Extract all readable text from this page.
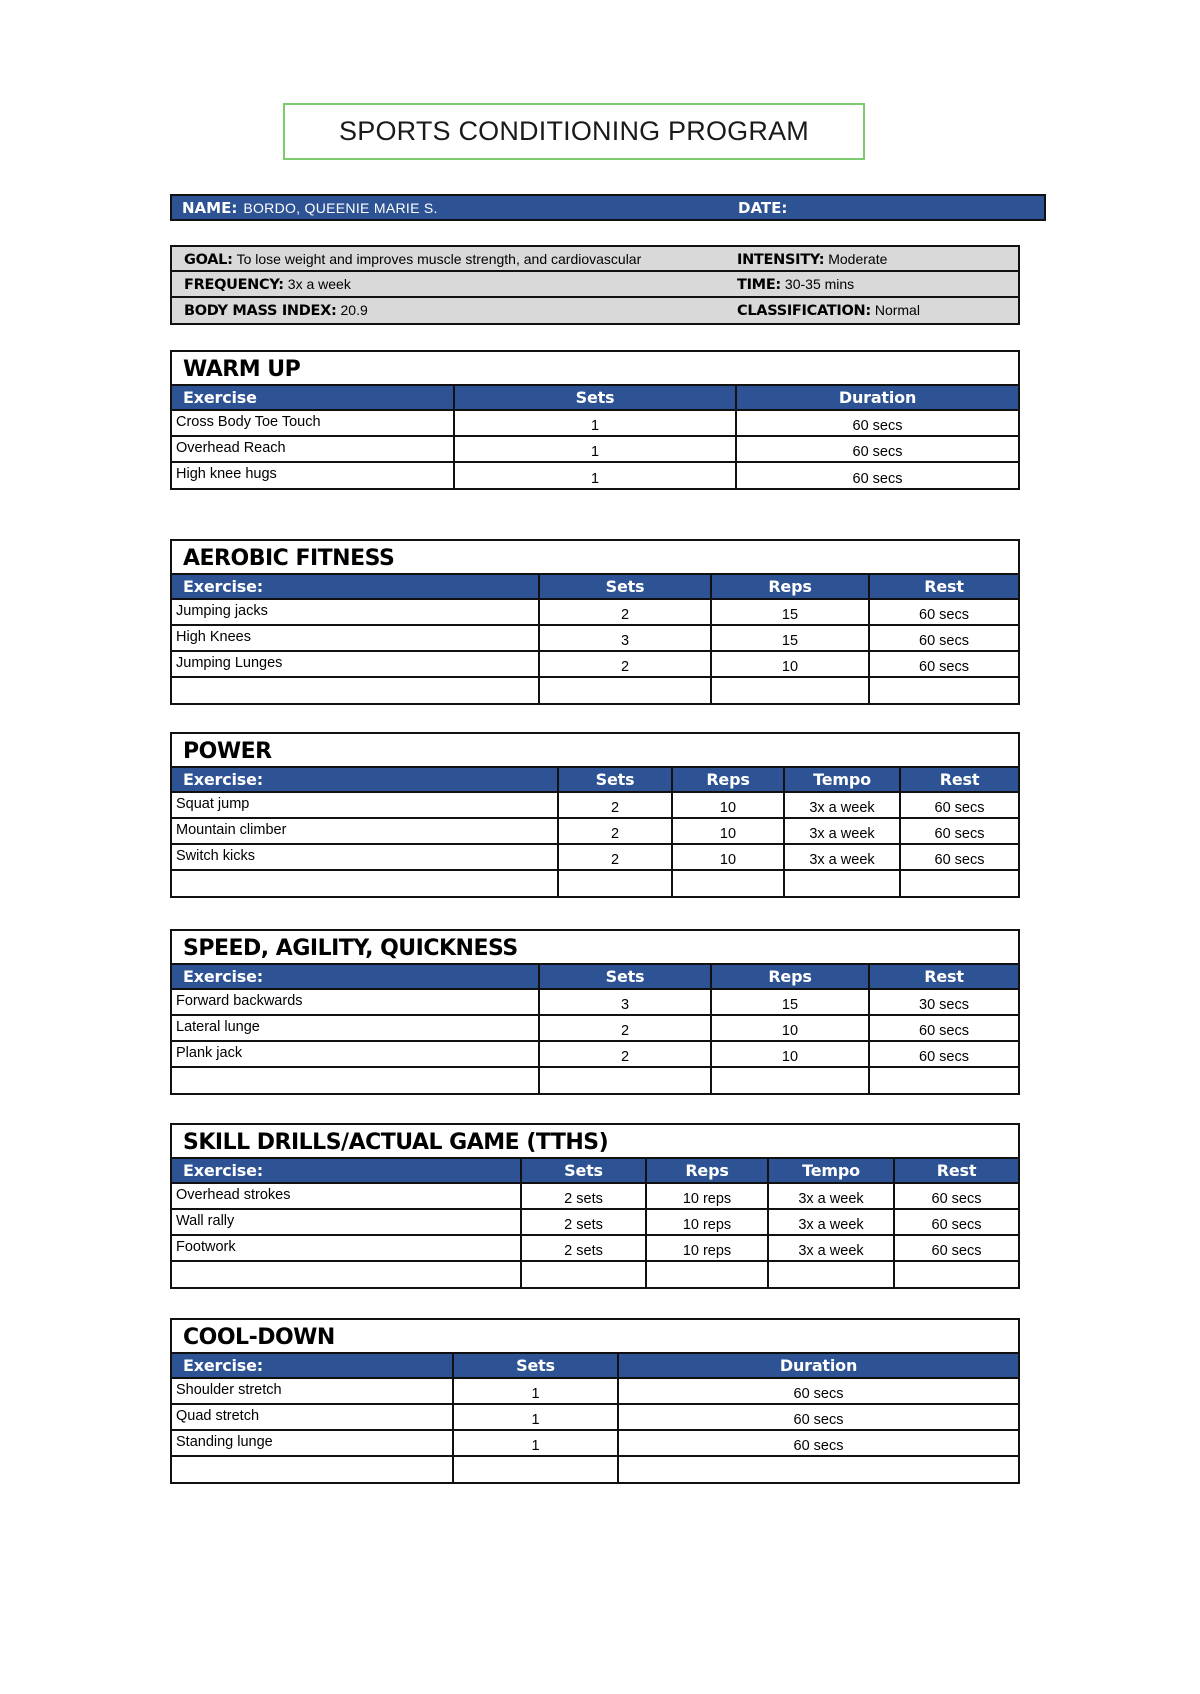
SPORTS CONDITIONING PROGRAM
NAME: BORDO, QUEENIE MARIE S.	DATE:
GOAL: To lose weight and improves muscle strength, and cardiovascular	INTENSITY: Moderate
FREQUENCY: 3x a week	TIME: 30-35 mins
BODY MASS INDEX: 20.9	CLASSIFICATION: Normal
WARM UP
Exercise	Sets	Duration
Cross Body Toe Touch	1	60 secs
Overhead Reach	1	60 secs
High knee hugs	1	60 secs
AEROBIC FITNESS
Exercise:	Sets	Reps	Rest
Jumping jacks	2	15	60 secs
High Knees	3	15	60 secs
Jumping Lunges	2	10	60 secs

POWER
Exercise:	Sets	Reps	Tempo	Rest
Squat jump	2	10	3x a week	60 secs
Mountain climber	2	10	3x a week	60 secs
Switch kicks	2	10	3x a week	60 secs

SPEED, AGILITY, QUICKNESS
Exercise:	Sets	Reps	Rest
Forward backwards	3	15	30 secs
Lateral lunge	2	10	60 secs
Plank jack	2	10	60 secs

SKILL DRILLS/ACTUAL GAME (TTHS)
Exercise:	Sets	Reps	Tempo	Rest
Overhead strokes	2 sets	10 reps	3x a week	60 secs
Wall rally	2 sets	10 reps	3x a week	60 secs
Footwork	2 sets	10 reps	3x a week	60 secs

COOL-DOWN
Exercise:	Sets	Duration
Shoulder stretch	1	60 secs
Quad stretch	1	60 secs
Standing lunge	1	60 secs
